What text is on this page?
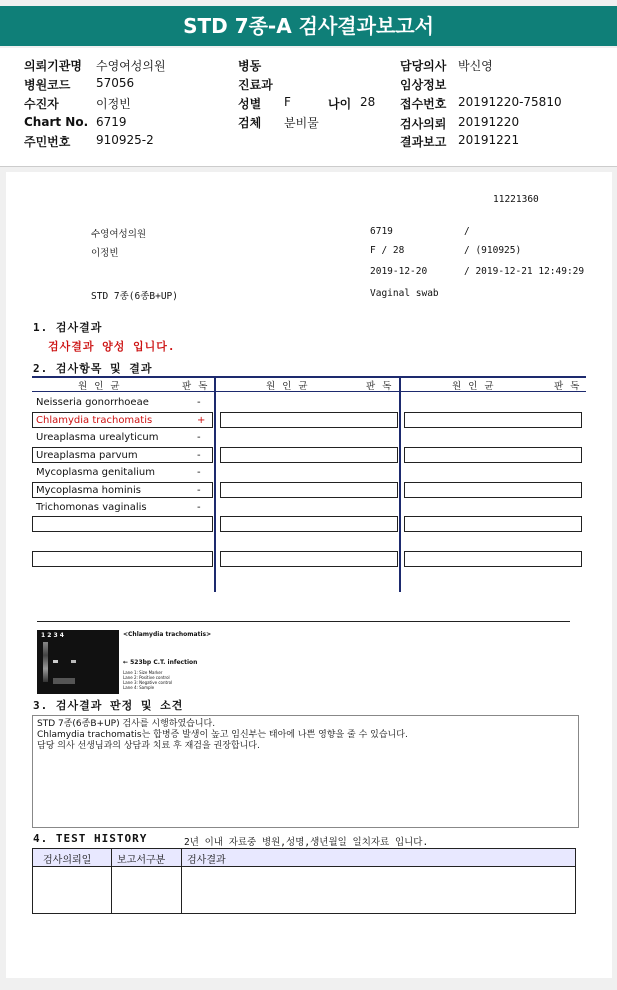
STD 7종-A 검사결과보고서
의뢰기관명 수영여성의원
병원코드 57056
수진자	이정빈
Chart No. 6719
주민번호 910925-2
병동
진료과
성별 F	나이 28
검체 분비물
담당의사 박신영
임상정보
접수번호 20191220-75810
검사의뢰 20191220
결과보고 20191221
11221360
수영여성의원	6719	/
이정빈	F / 28	/ (910925)
2019-12-20	/ 2019-12-21 12:49:29
STD 7종(6종B+UP)	Vaginal swab
1. 검사결과
검사결과 양성 입니다.
2. 검사항목 및 결과
원 인 균	판 독	원 인 균	판 독	원 인 균	판 독
Neisseria gonorrhoeae	-
Chlamydia trachomatis	+
Ureaplasma urealyticum	-
Ureaplasma parvum	-
Mycoplasma genitalium	-
Mycoplasma hominis	-
Trichomonas vaginalis	-
1 2 3 4	<Chlamydia trachomatis>
← 523bp C.T. infection
Lane 1: Size Marker
Lane 2: Positive control
Lane 3: Negative control
Lane 4: Sample
3. 검사결과 판정 및 소견
STD 7종(6종B+UP) 검사를 시행하였습니다.
Chlamydia trachomatis는 합병증 발생이 높고 임신부는 태아에 나쁜 영향을 줄 수 있습니다.
담당 의사 선생님과의 상담과 치료 후 재검을 권장합니다.
4. TEST HISTORY	2년 이내 자료중 병원,성명,생년월일 일치자료 입니다.
검사의뢰일	보고서구분 검사결과
